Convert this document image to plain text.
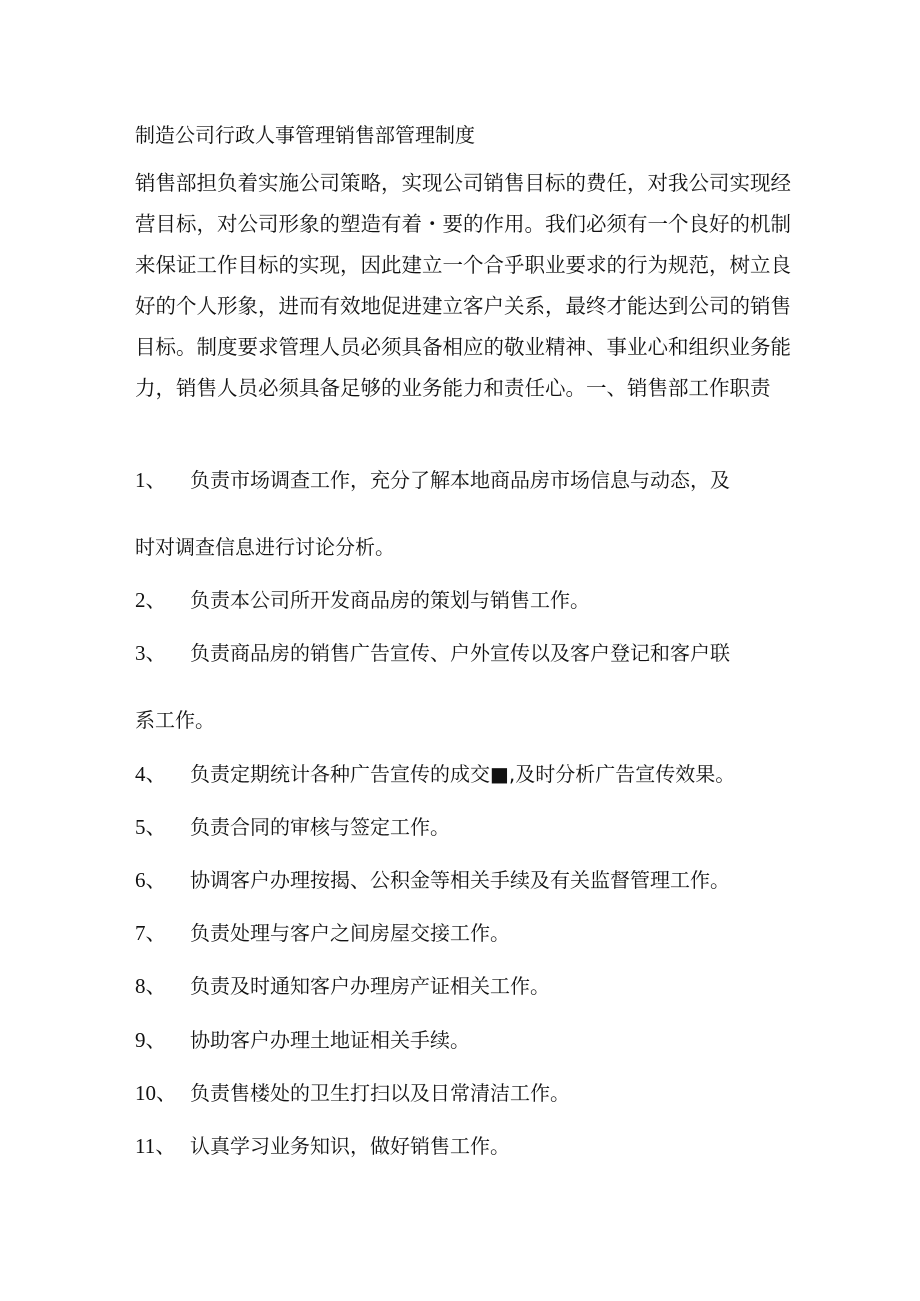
制造公司行政人事管理销售部管理制度
销售部担负着实施公司策略，实现公司销售目标的费任，对我公司实现经
营目标，对公司形象的塑造有着・要的作用。我们必须有一个良好的机制
来保证工作目标的实现，因此建立一个合乎职业要求的行为规范，树立良
好的个人形象，进而有效地促进建立客户关系，最终才能达到公司的销售
目标。制度要求管理人员必须具备相应的敬业精神、事业心和组织业务能
力，销售人员必须具备足够的业务能力和责任心。一、销售部工作职责
1、 负责市场调查工作，充分了解本地商品房市场信息与动态，及
时对调查信息进行讨论分析。
2、 负责本公司所开发商品房的策划与销售工作。
3、 负责商品房的销售广告宣传、户外宣传以及客户登记和客户联
系工作。
4、 负责定期统计各种广告宣传的成交■,及时分析广告宣传效果。
5、 负责合同的审核与签定工作。
6、 协调客户办理按揭、公积金等相关手续及有关监督管理工作。
7、 负责处理与客户之间房屋交接工作。
8、 负责及时通知客户办理房产证相关工作。
9、 协助客户办理土地证相关手续。
10、 负责售楼处的卫生打扫以及日常清洁工作。
11、 认真学习业务知识，做好销售工作。
